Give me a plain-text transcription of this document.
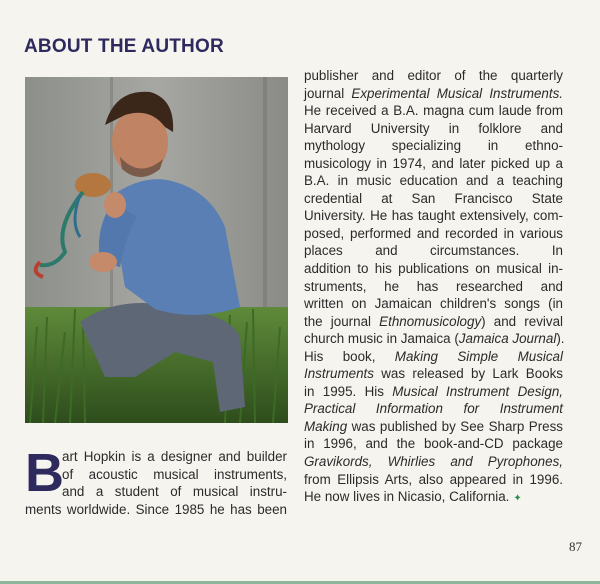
ABOUT THE AUTHOR
B
art Hopkin is a designer and builder
of acoustic musical instruments,
and a student of musical instru-
ments worldwide. Since 1985 he has been
publisher and editor of the quarterly
journal Experimental Musical Instruments.
He received a B.A. magna cum laude from
Harvard University in folklore and
mythology specializing in ethno-
musicology in 1974, and later picked up a
B.A. in music education and a teaching
credential at San Francisco State
University. He has taught extensively, com-
posed, performed and recorded in various
places and circumstances. In
addition to his publications on musical in-
struments, he has researched and
written on Jamaican children's songs (in
the journal Ethnomusicology) and revival
church music in Jamaica (Jamaica Journal).
His book, Making Simple Musical
Instruments was released by Lark Books
in 1995. His Musical Instrument Design,
Practical Information for Instrument
Making was published by See Sharp Press
in 1996, and the book-and-CD package
Gravikords, Whirlies and Pyrophones,
from Ellipsis Arts, also appeared in 1996.
He now lives in Nicasio, California. ✦
87
